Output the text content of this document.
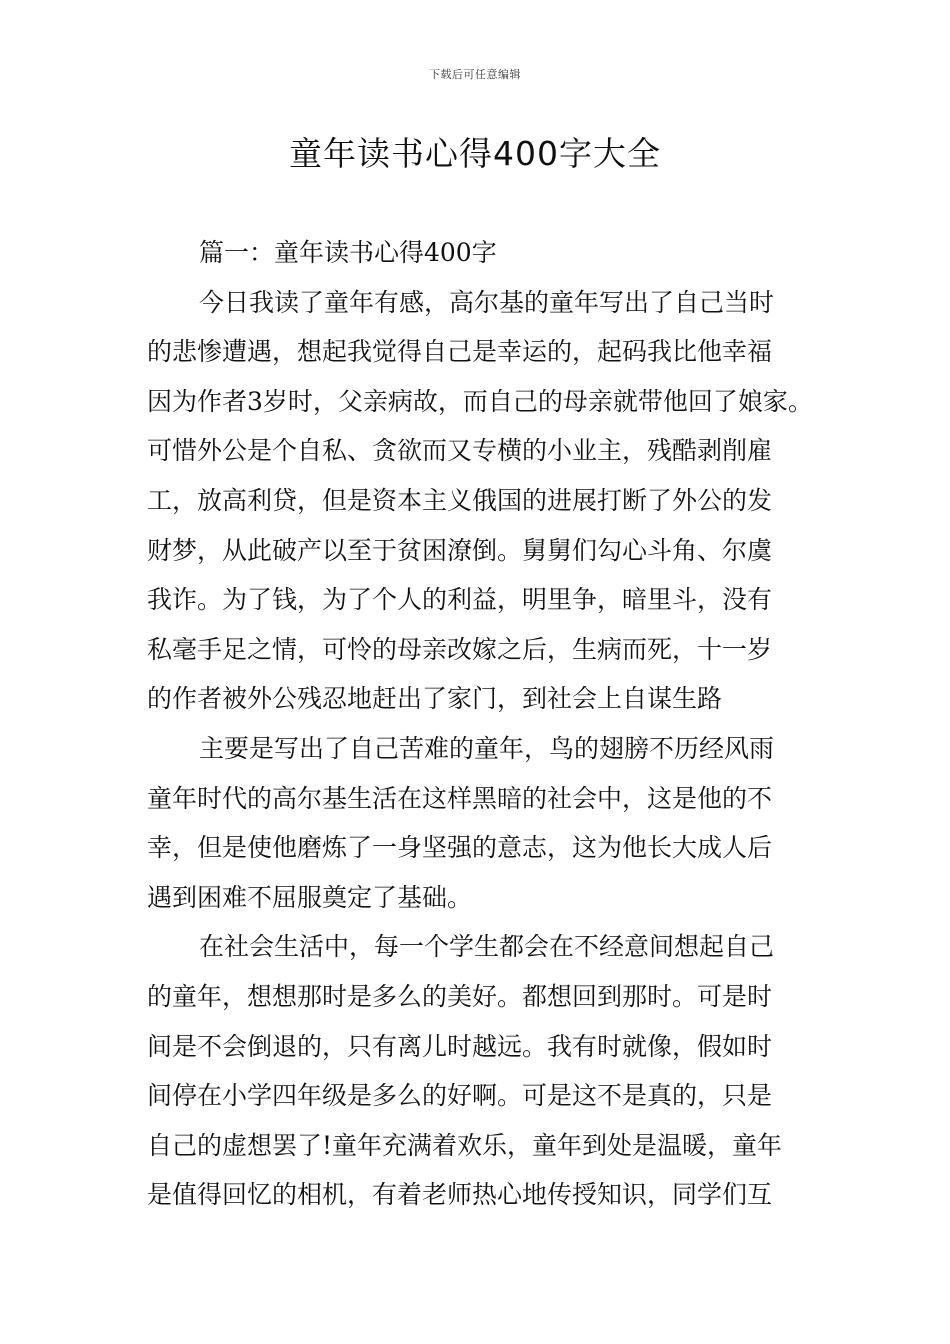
下载后可任意编辑
童年读书心得400字大全
篇一：童年读书心得400字
今日我读了童年有感，高尔基的童年写出了自己当时
的悲惨遭遇，想起我觉得自己是幸运的，起码我比他幸福
因为作者3岁时，父亲病故，而自己的母亲就带他回了娘家。
可惜外公是个自私、贪欲而又专横的小业主，残酷剥削雇
工，放高利贷，但是资本主义俄国的进展打断了外公的发
财梦，从此破产以至于贫困潦倒。舅舅们勾心斗角、尔虞
我诈。为了钱，为了个人的利益，明里争，暗里斗，没有
私毫手足之情，可怜的母亲改嫁之后，生病而死，十一岁
的作者被外公残忍地赶出了家门，到社会上自谋生路
主要是写出了自己苦难的童年，鸟的翅膀不历经风雨
童年时代的高尔基生活在这样黑暗的社会中，这是他的不
幸，但是使他磨炼了一身坚强的意志，这为他长大成人后
遇到困难不屈服奠定了基础。
在社会生活中，每一个学生都会在不经意间想起自己
的童年，想想那时是多么的美好。都想回到那时。可是时
间是不会倒退的，只有离儿时越远。我有时就像，假如时
间停在小学四年级是多么的好啊。可是这不是真的，只是
自己的虚想罢了!童年充满着欢乐，童年到处是温暖，童年
是值得回忆的相机，有着老师热心地传授知识，同学们互
